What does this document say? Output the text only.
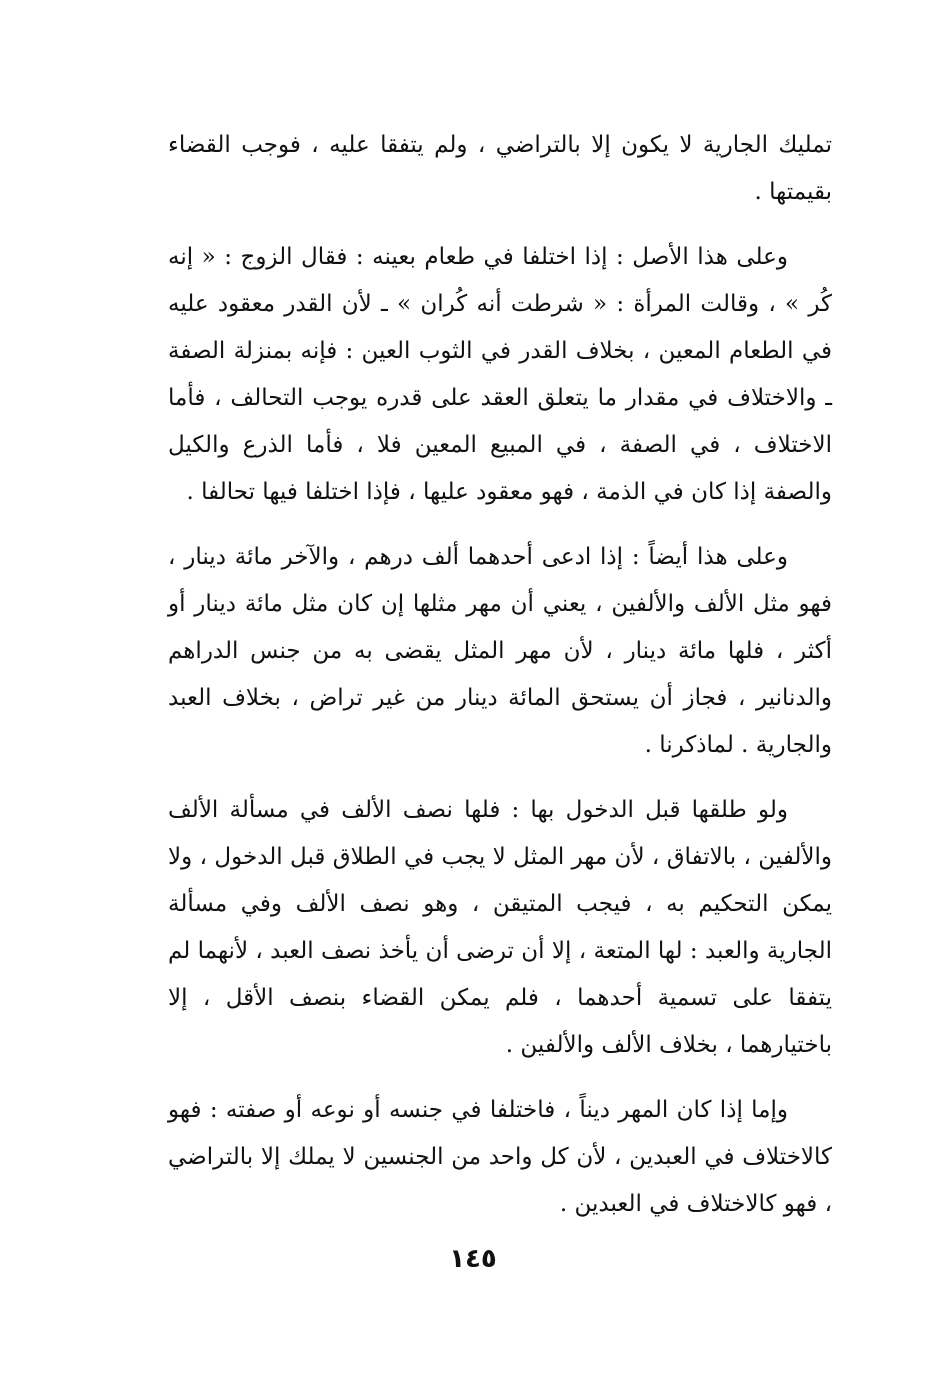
تمليك الجارية لا يكون إلا بالتراضي ، ولم يتفقا عليه ، فوجب القضاء بقيمتها .

وعلى هذا الأصل : إذا اختلفا في طعام بعينه : فقال الزوج : « إنه كُر » ، وقالت المرأة : « شرطت أنه كُران » ـ لأن القدر معقود عليه في الطعام المعين ، بخلاف القدر في الثوب العين : فإنه بمنزلة الصفة ـ والاختلاف في مقدار ما يتعلق العقد على قدره يوجب التحالف ، فأما الاختلاف ، في الصفة ، في المبيع المعين فلا ، فأما الذرع والكيل والصفة إذا كان في الذمة ، فهو معقود عليها ، فإذا اختلفا فيها تحالفا .

وعلى هذا أيضاً : إذا ادعى أحدهما ألف درهم ، والآخر مائة دينار ، فهو مثل الألف والألفين ، يعني أن مهر مثلها إن كان مثل مائة دينار أو أكثر ، فلها مائة دينار ، لأن مهر المثل يقضى به من جنس الدراهم والدنانير ، فجاز أن يستحق المائة دينار من غير تراض ، بخلاف العبد والجارية . لماذكرنا .

ولو طلقها قبل الدخول بها : فلها نصف الألف في مسألة الألف والألفين ، بالاتفاق ، لأن مهر المثل لا يجب في الطلاق قبل الدخول ، ولا يمكن التحكيم به ، فيجب المتيقن ، وهو نصف الألف وفي مسألة الجارية والعبد : لها المتعة ، إلا أن ترضى أن يأخذ نصف العبد ، لأنهما لم يتفقا على تسمية أحدهما ، فلم يمكن القضاء بنصف الأقل ، إلا باختيارهما ، بخلاف الألف والألفين .

وإما إذا كان المهر ديناً ، فاختلفا في جنسه أو نوعه أو صفته : فهو كالاختلاف في العبدين ، لأن كل واحد من الجنسين لا يملك إلا بالتراضي ، فهو كالاختلاف في العبدين .

١٤٥
